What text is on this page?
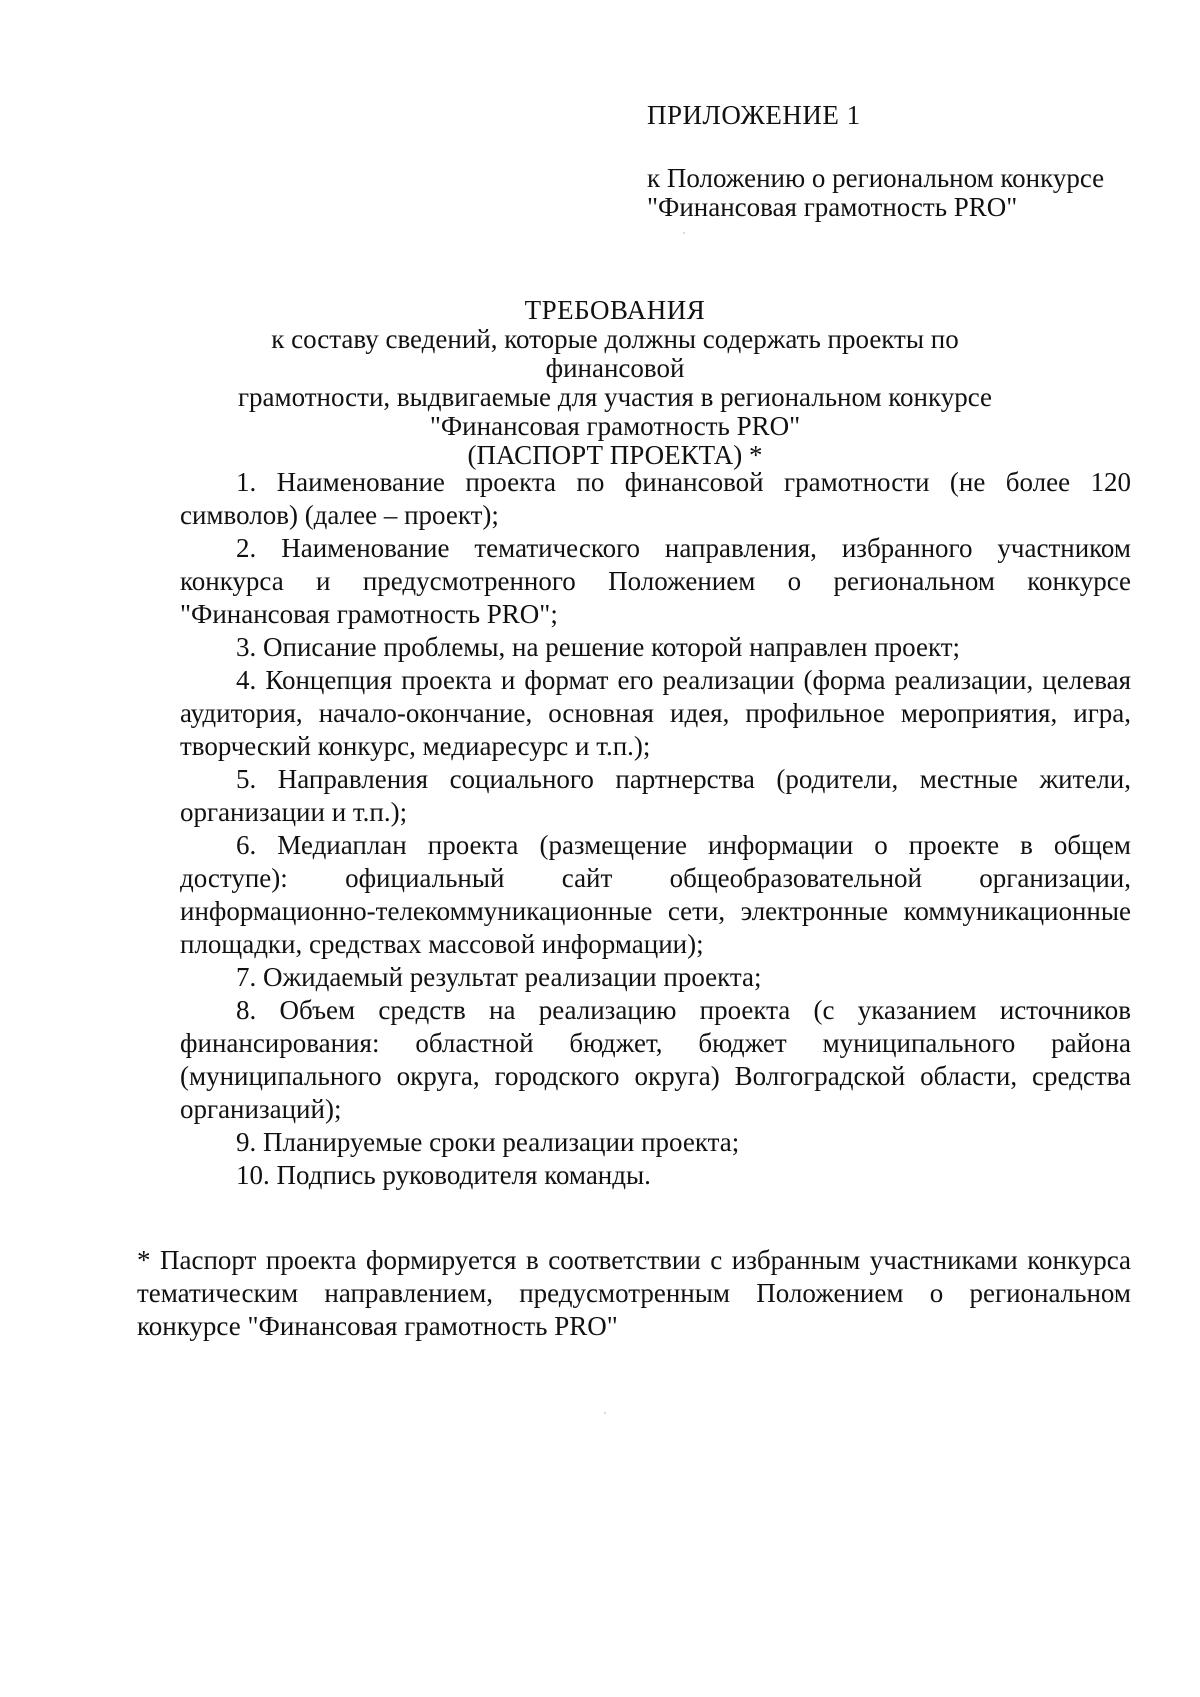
ПРИЛОЖЕНИЕ 1
к Положению о региональном конкурсе
"Финансовая грамотность PRO"
ТРЕБОВАНИЯ
к составу сведений, которые должны содержать проекты по финансовой
грамотности, выдвигаемые для участия в региональном конкурсе
"Финансовая грамотность PRO"
(ПАСПОРТ ПРОЕКТА) *

1. Наименование проекта по финансовой грамотности (не более 120 символов) (далее – проект);

2. Наименование тематического направления, избранного участником конкурса и предусмотренного Положением о региональном конкурсе "Финансовая грамотность PRO";

3. Описание проблемы, на решение которой направлен проект;

4. Концепция проекта и формат его реализации (форма реализации, целевая аудитория, начало-окончание, основная идея, профильное мероприятия, игра, творческий конкурс, медиаресурс и т.п.);

5. Направления социального партнерства (родители, местные жители, организации и т.п.);

6. Медиаплан проекта (размещение информации о проекте в общем доступе): официальный сайт общеобразовательной организации, информационно-телекоммуникационные сети, электронные коммуникационные площадки, средствах массовой информации);

7. Ожидаемый результат реализации проекта;

8. Объем средств на реализацию проекта (с указанием источников финансирования: областной бюджет, бюджет муниципального района (муниципального округа, городского округа) Волгоградской области, средства организаций);

9. Планируемые сроки реализации проекта;

10. Подпись руководителя команды.

* Паспорт проекта формируется в соответствии с избранным участниками конкурса тематическим направлением, предусмотренным Положением о региональном конкурсе "Финансовая грамотность PRO"
